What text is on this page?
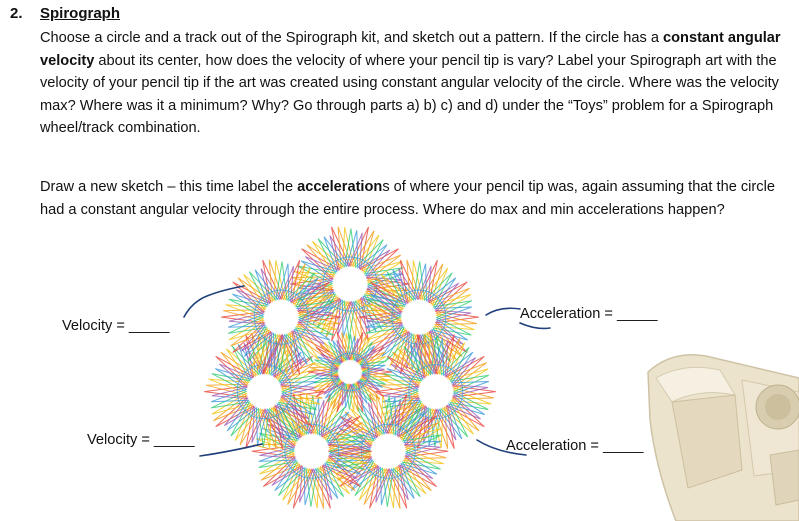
2. Spirograph

Choose a circle and a track out of the Spirograph kit, and sketch out a pattern. If the circle has a constant angular velocity about its center, how does the velocity of where your pencil tip is vary? Label your Spirograph art with the velocity of your pencil tip if the art was created using constant angular velocity of the circle. Where was the velocity max? Where was it a minimum? Why? Go through parts a) b) c) and d) under the “Toys” problem for a Spirograph wheel/track combination.

Draw a new sketch – this time label the accelerations of where your pencil tip was, again assuming that the circle had a constant angular velocity through the entire process. Where do max and min accelerations happen?

Velocity = _____
Velocity = _____
Acceleration = _____
Acceleration = _____
